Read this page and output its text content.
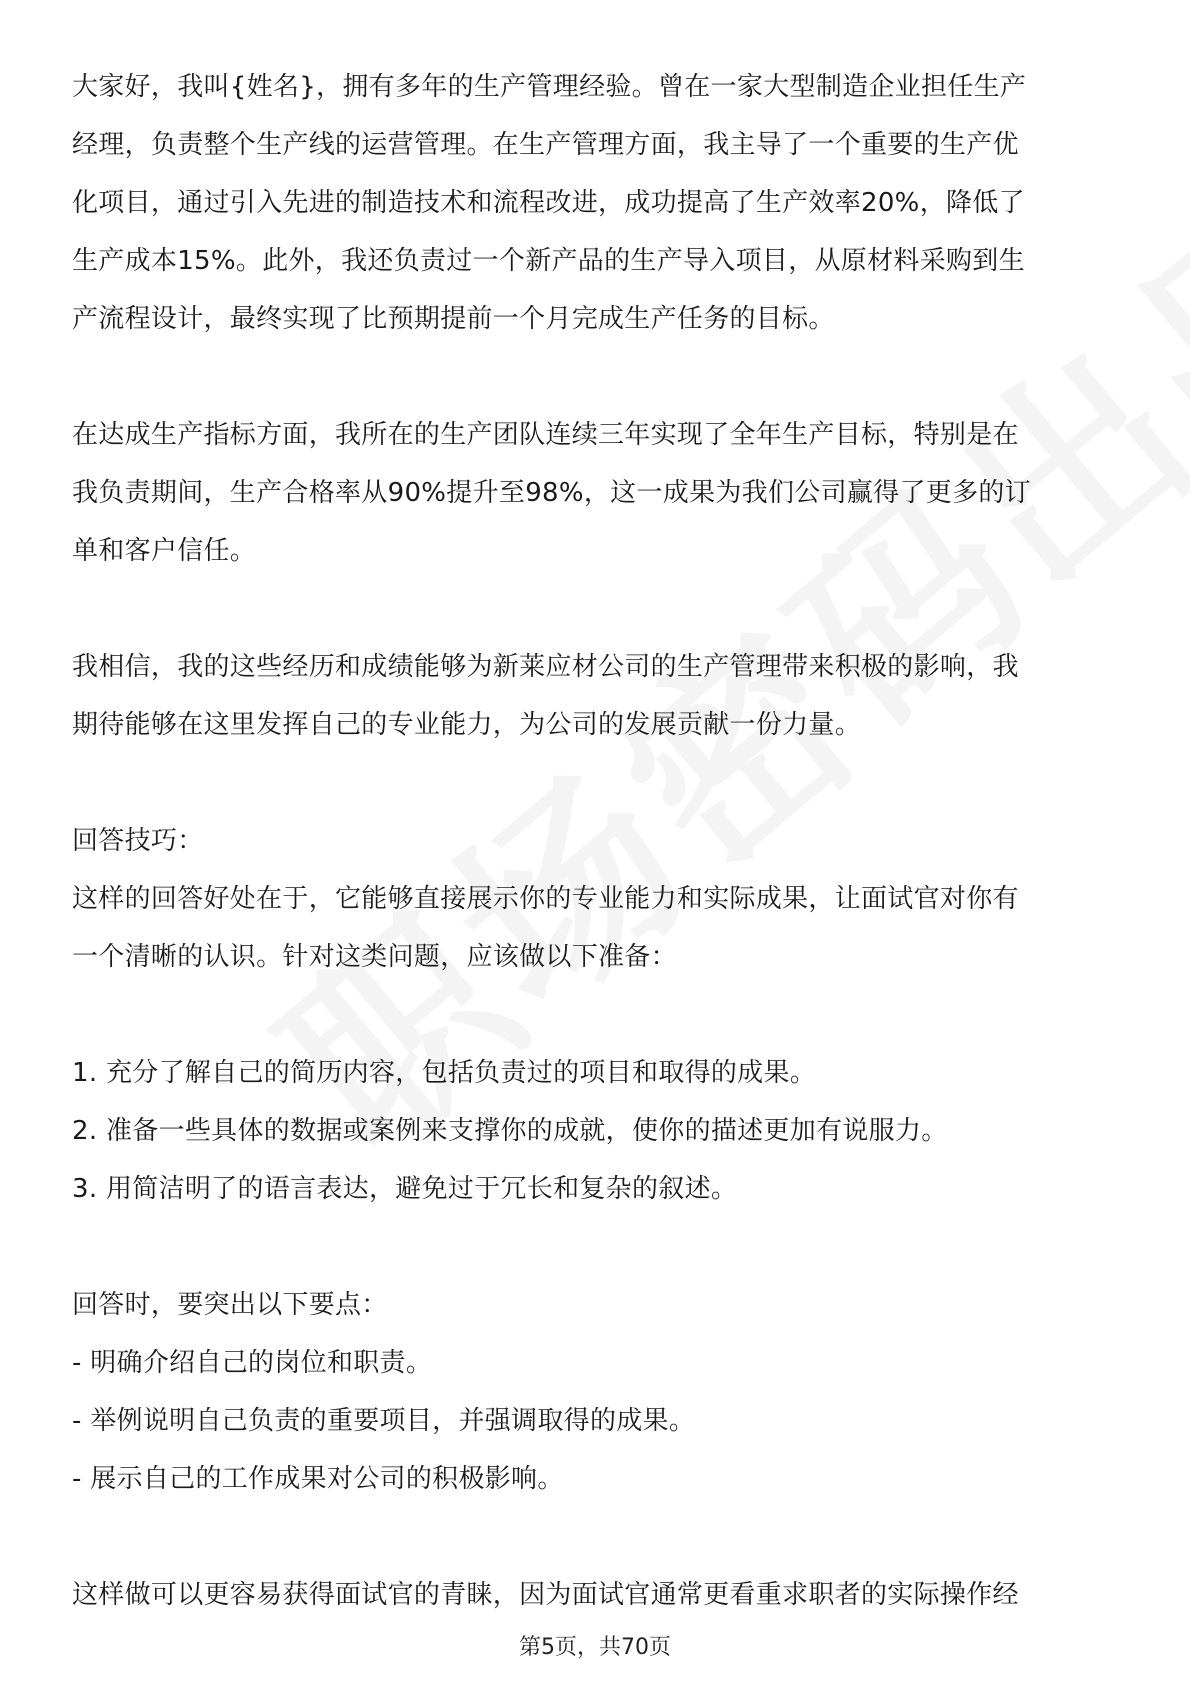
大家好，我叫{姓名}，拥有多年的生产管理经验。曾在一家大型制造企业担任生产
经理，负责整个生产线的运营管理。在生产管理方面，我主导了一个重要的生产优
化项目，通过引入先进的制造技术和流程改进，成功提高了生产效率20%，降低了
生产成本15%。此外，我还负责过一个新产品的生产导入项目，从原材料采购到生
产流程设计，最终实现了比预期提前一个月完成生产任务的目标。
在达成生产指标方面，我所在的生产团队连续三年实现了全年生产目标，特别是在
我负责期间，生产合格率从90%提升至98%，这一成果为我们公司赢得了更多的订
单和客户信任。
我相信，我的这些经历和成绩能够为新莱应材公司的生产管理带来积极的影响，我
期待能够在这里发挥自己的专业能力，为公司的发展贡献一份力量。
回答技巧：
这样的回答好处在于，它能够直接展示你的专业能力和实际成果，让面试官对你有
一个清晰的认识。针对这类问题，应该做以下准备：
1. 充分了解自己的简历内容，包括负责过的项目和取得的成果。
2. 准备一些具体的数据或案例来支撑你的成就，使你的描述更加有说服力。
3. 用简洁明了的语言表达，避免过于冗长和复杂的叙述。
回答时，要突出以下要点：
- 明确介绍自己的岗位和职责。
- 举例说明自己负责的重要项目，并强调取得的成果。
- 展示自己的工作成果对公司的积极影响。
这样做可以更容易获得面试官的青睐，因为面试官通常更看重求职者的实际操作经
第5页，共70页
